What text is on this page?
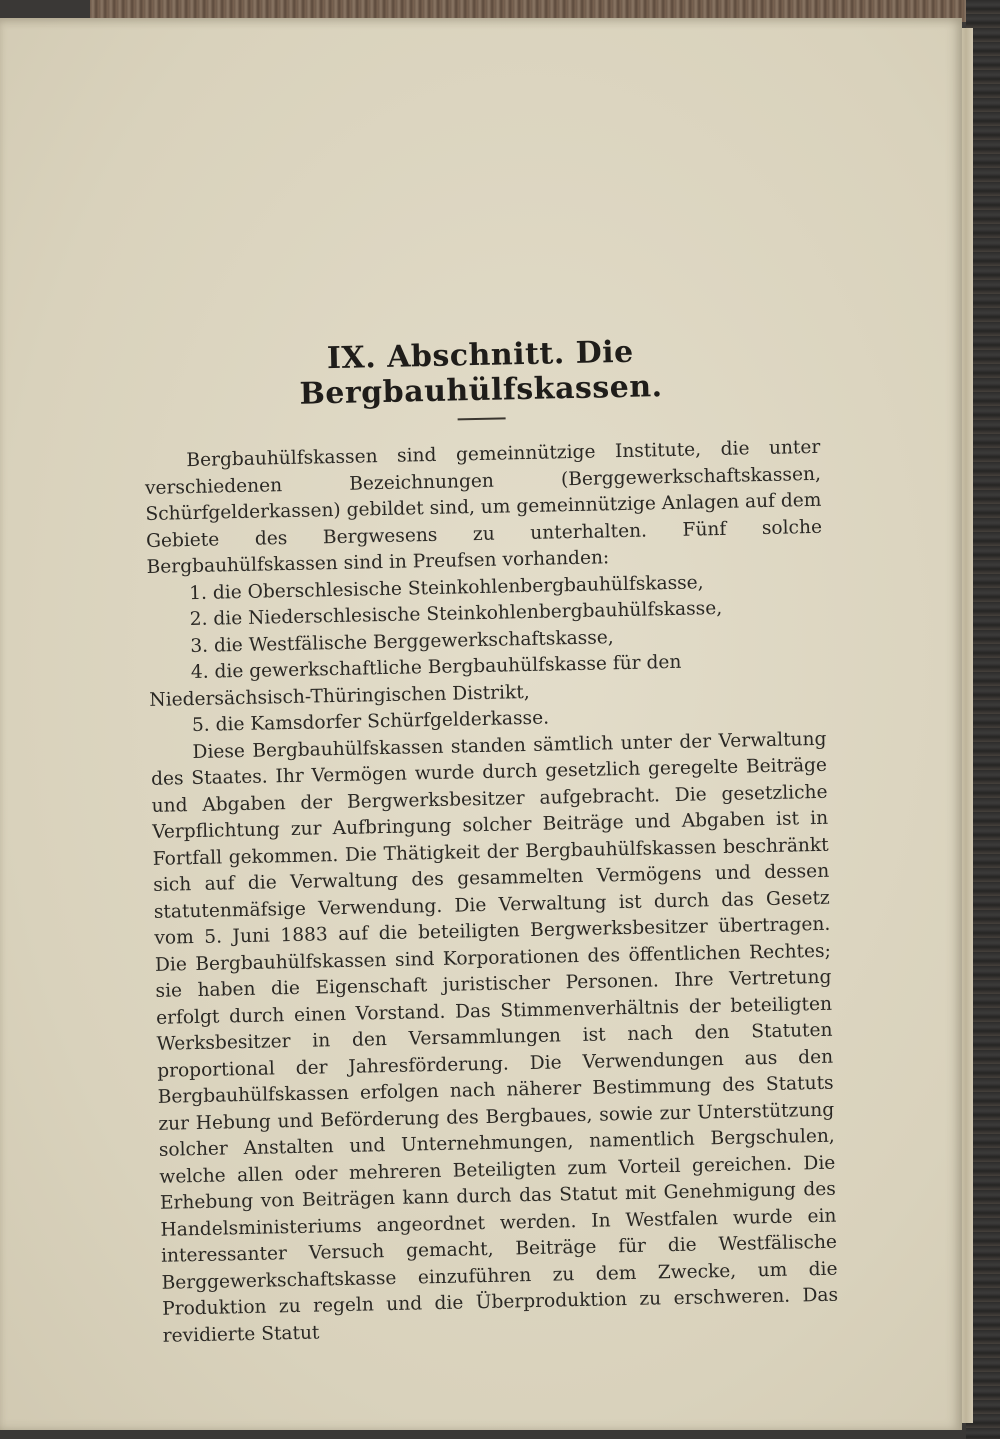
IX. Abschnitt. Die Bergbauhülfskassen.

Bergbauhülfskassen sind gemeinnützige Institute, die unter verschiedenen Bezeichnungen (Berggewerkschaftskassen, Schürfgelderkassen) gebildet sind, um gemeinnützige Anlagen auf dem Gebiete des Bergwesens zu unterhalten. Fünf solche Bergbauhülfskassen sind in Preufsen vorhanden:

1. die Oberschlesische Steinkohlenbergbauhülfskasse,

2. die Niederschlesische Steinkohlenbergbauhülfskasse,

3. die Westfälische Berggewerkschaftskasse,

4. die gewerkschaftliche Bergbauhülfskasse für den Niedersächsisch-Thüringischen Distrikt,

5. die Kamsdorfer Schürfgelderkasse.

Diese Bergbauhülfskassen standen sämtlich unter der Verwaltung des Staates. Ihr Vermögen wurde durch gesetzlich geregelte Beiträge und Abgaben der Bergwerksbesitzer aufgebracht. Die gesetzliche Verpflichtung zur Aufbringung solcher Beiträge und Abgaben ist in Fortfall gekommen. Die Thätigkeit der Bergbauhülfskassen beschränkt sich auf die Verwaltung des gesammelten Vermögens und dessen statutenmäfsige Verwendung. Die Verwaltung ist durch das Gesetz vom 5. Juni 1883 auf die beteiligten Bergwerksbesitzer übertragen. Die Bergbauhülfskassen sind Korporationen des öffentlichen Rechtes; sie haben die Eigenschaft juristischer Personen. Ihre Vertretung erfolgt durch einen Vorstand. Das Stimmenverhältnis der beteiligten Werksbesitzer in den Versammlungen ist nach den Statuten proportional der Jahresförderung. Die Verwendungen aus den Bergbauhülfskassen erfolgen nach näherer Bestimmung des Statuts zur Hebung und Beförderung des Bergbaues, sowie zur Unterstützung solcher Anstalten und Unternehmungen, namentlich Bergschulen, welche allen oder mehreren Beteiligten zum Vorteil gereichen. Die Erhebung von Beiträgen kann durch das Statut mit Genehmigung des Handelsministeriums angeordnet werden. In Westfalen wurde ein interessanter Versuch gemacht, Beiträge für die Westfälische Berggewerkschaftskasse einzuführen zu dem Zwecke, um die Produktion zu regeln und die Überproduktion zu erschweren. Das revidierte Statut
